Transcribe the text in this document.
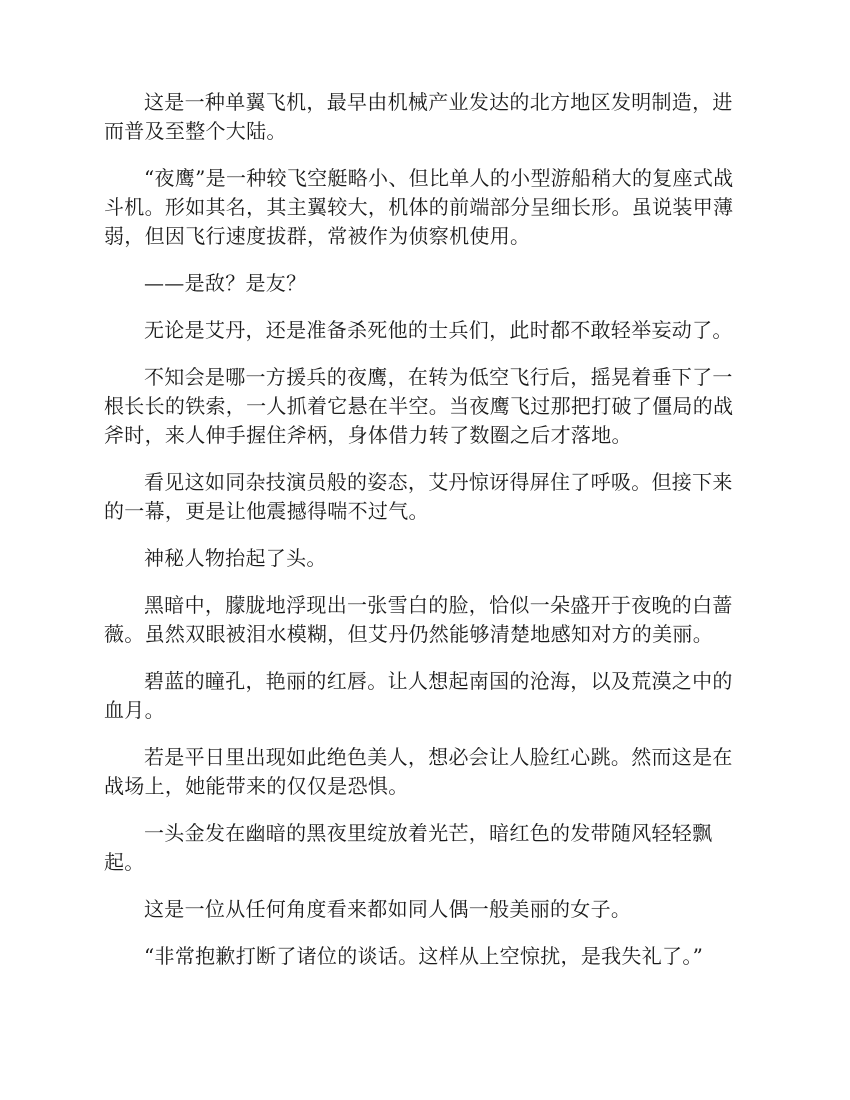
这是一种单翼飞机，最早由机械产业发达的北方地区发明制造，进而普及至整个大陆。

“夜鹰”是一种较飞空艇略小、但比单人的小型游船稍大的复座式战斗机。形如其名，其主翼较大，机体的前端部分呈细长形。虽说装甲薄弱，但因飞行速度拔群，常被作为侦察机使用。

——是敌？是友？

无论是艾丹，还是准备杀死他的士兵们，此时都不敢轻举妄动了。

不知会是哪一方援兵的夜鹰，在转为低空飞行后，摇晃着垂下了一根长长的铁索，一人抓着它悬在半空。当夜鹰飞过那把打破了僵局的战斧时，来人伸手握住斧柄，身体借力转了数圈之后才落地。

看见这如同杂技演员般的姿态，艾丹惊讶得屏住了呼吸。但接下来的一幕，更是让他震撼得喘不过气。

神秘人物抬起了头。

黑暗中，朦胧地浮现出一张雪白的脸，恰似一朵盛开于夜晚的白蔷薇。虽然双眼被泪水模糊，但艾丹仍然能够清楚地感知对方的美丽。

碧蓝的瞳孔，艳丽的红唇。让人想起南国的沧海，以及荒漠之中的血月。

若是平日里出现如此绝色美人，想必会让人脸红心跳。然而这是在战场上，她能带来的仅仅是恐惧。

一头金发在幽暗的黑夜里绽放着光芒，暗红色的发带随风轻轻飘起。

这是一位从任何角度看来都如同人偶一般美丽的女子。

“非常抱歉打断了诸位的谈话。这样从上空惊扰，是我失礼了。”
